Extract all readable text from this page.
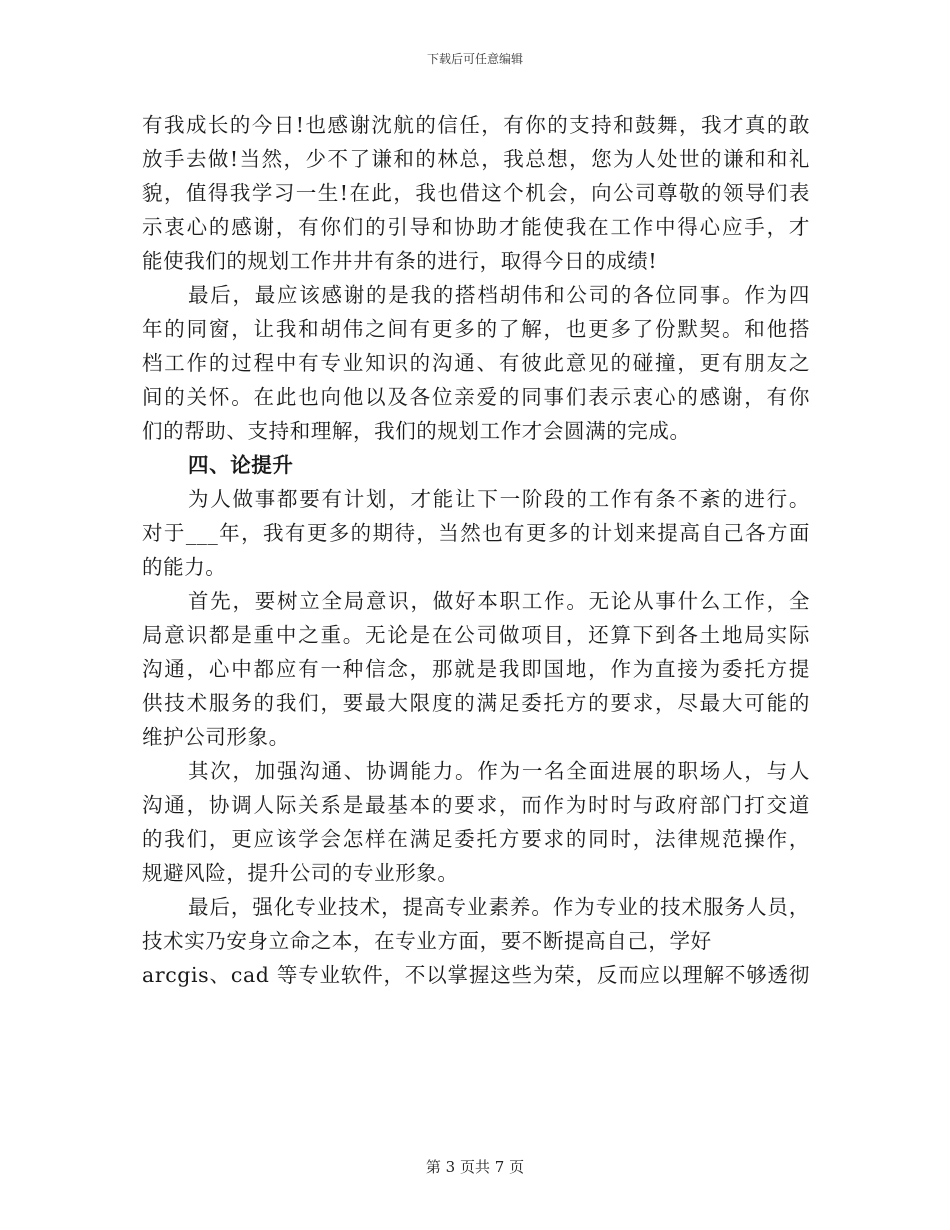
下载后可任意编辑
有我成长的今日!也感谢沈航的信任，有你的支持和鼓舞，我才真的敢
放手去做!当然，少不了谦和的林总，我总想，您为人处世的谦和和礼
貌，值得我学习一生!在此，我也借这个机会，向公司尊敬的领导们表
示衷心的感谢，有你们的引导和协助才能使我在工作中得心应手，才
能使我们的规划工作井井有条的进行，取得今日的成绩!
最后，最应该感谢的是我的搭档胡伟和公司的各位同事。作为四
年的同窗，让我和胡伟之间有更多的了解，也更多了份默契。和他搭
档工作的过程中有专业知识的沟通、有彼此意见的碰撞，更有朋友之
间的关怀。在此也向他以及各位亲爱的同事们表示衷心的感谢，有你
们的帮助、支持和理解，我们的规划工作才会圆满的完成。
四、论提升
为人做事都要有计划，才能让下一阶段的工作有条不紊的进行。
对于___年，我有更多的期待，当然也有更多的计划来提高自己各方面
的能力。
首先，要树立全局意识，做好本职工作。无论从事什么工作，全
局意识都是重中之重。无论是在公司做项目，还算下到各土地局实际
沟通，心中都应有一种信念，那就是我即国地，作为直接为委托方提
供技术服务的我们，要最大限度的满足委托方的要求，尽最大可能的
维护公司形象。
其次，加强沟通、协调能力。作为一名全面进展的职场人，与人
沟通，协调人际关系是最基本的要求，而作为时时与政府部门打交道
的我们，更应该学会怎样在满足委托方要求的同时，法律规范操作，
规避风险，提升公司的专业形象。
最后，强化专业技术，提高专业素养。作为专业的技术服务人员，
技术实乃安身立命之本，在专业方面，要不断提高自己，学好
arcgis、cad 等专业软件，不以掌握这些为荣，反而应以理解不够透彻
第 3 页共 7 页
